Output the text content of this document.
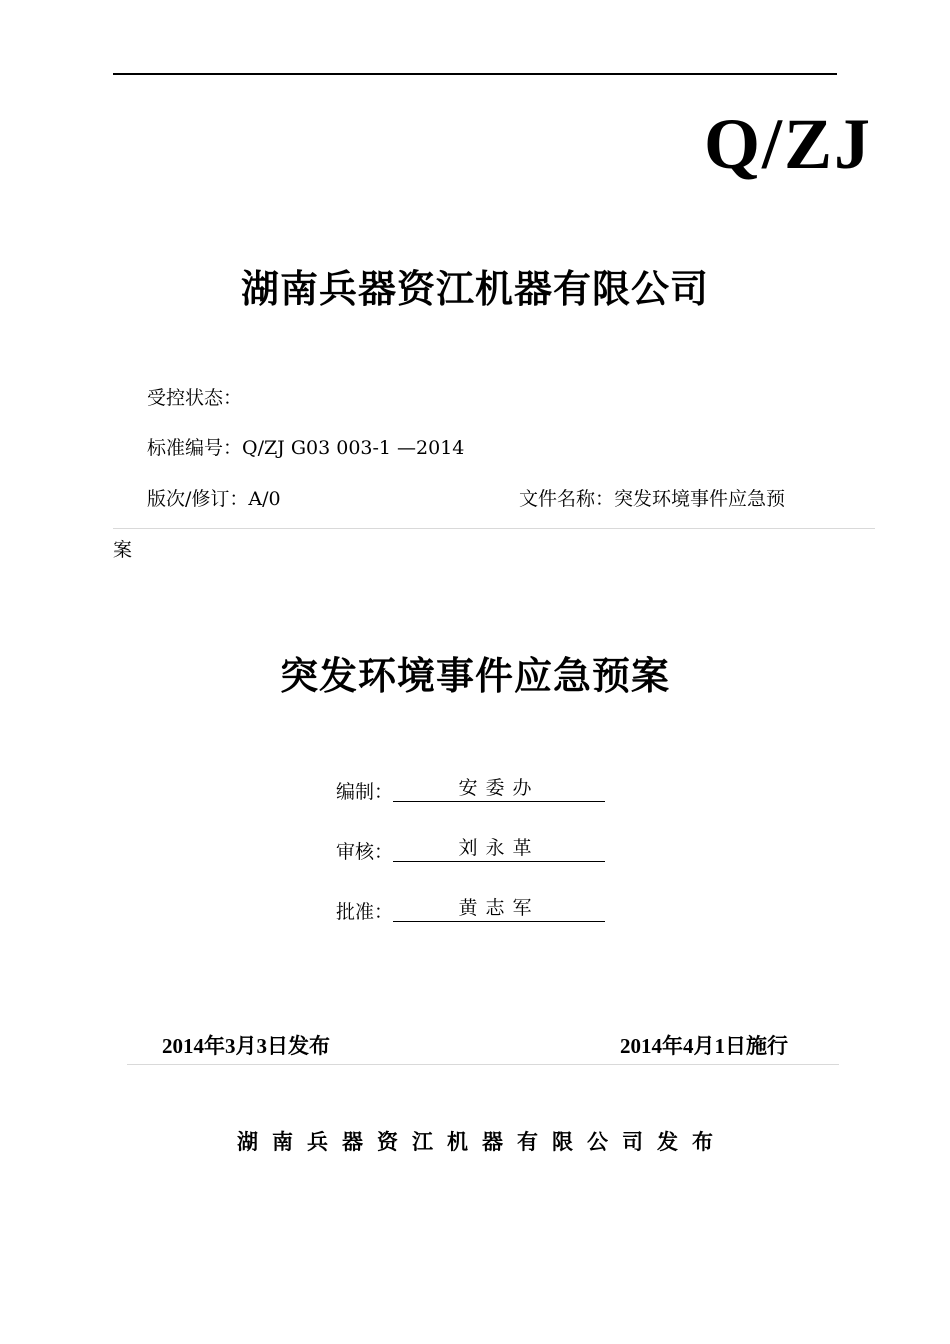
Q/ZJ
湖南兵器资江机器有限公司
受控状态：
标准编号：Q/ZJ G03 003-1 —2014
版次/修订：A/0	文件名称：突发环境事件应急预
案
突发环境事件应急预案
编制：	安委办
审核：	刘永革
批准：	黄志军
2014年3月3日发布	2014年4月1日施行
湖南兵器资江机器有限公司发布
